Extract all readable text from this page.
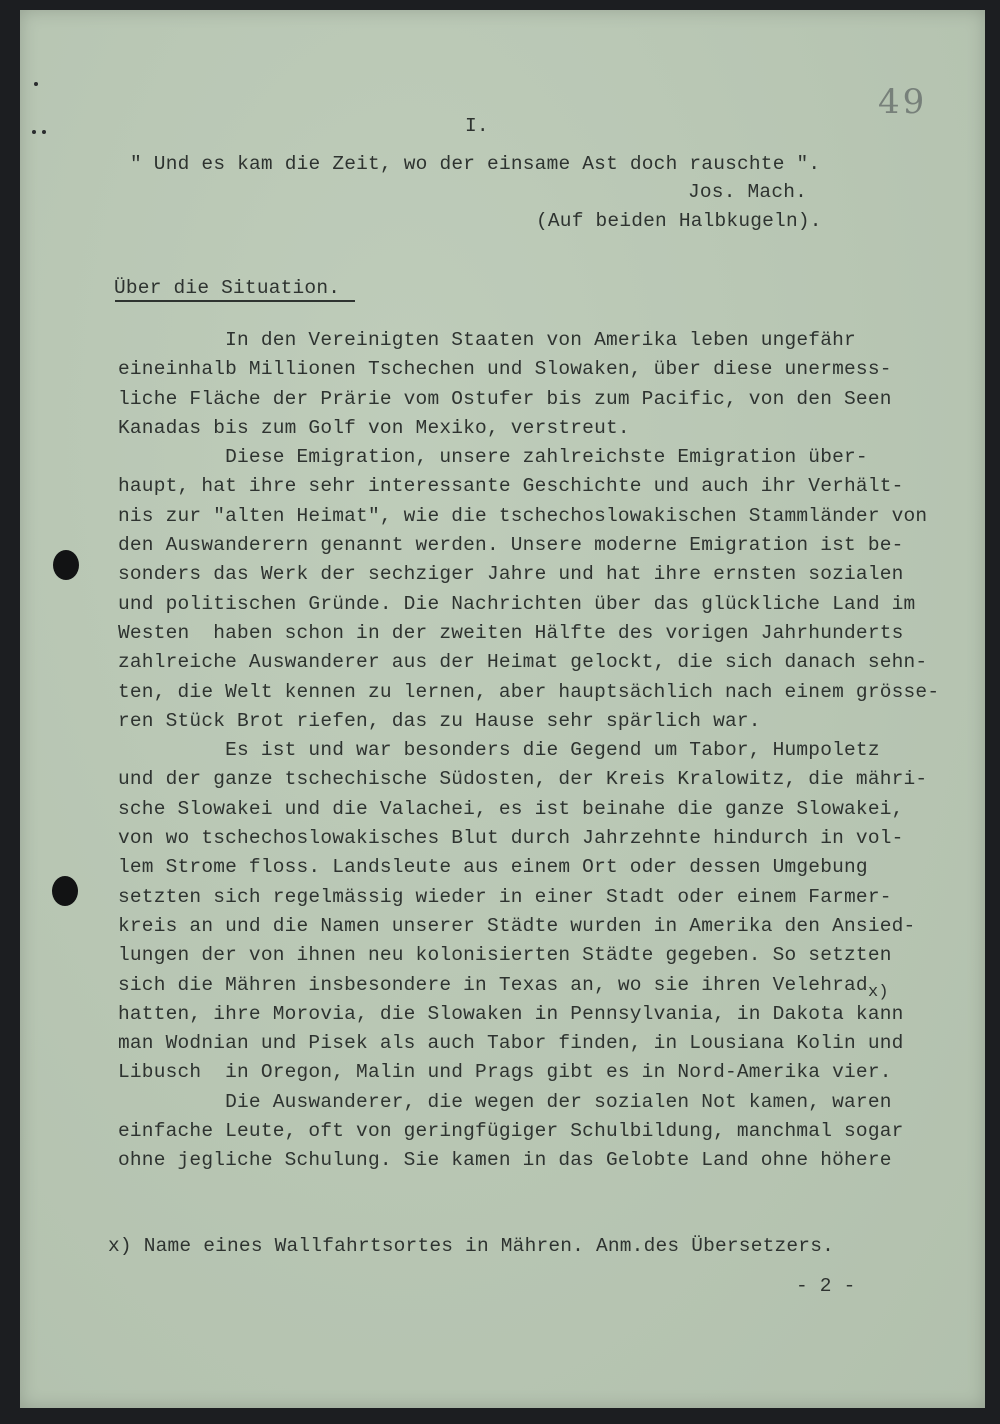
49
I.
" Und es kam die Zeit, wo der einsame Ast doch rauschte ".
Jos. Mach.
(Auf beiden Halbkugeln).
Über die Situation.
In den Vereinigten Staaten von Amerika leben ungefähr
eineinhalb Millionen Tschechen und Slowaken, über diese unermess-
liche Fläche der Prärie vom Ostufer bis zum Pacific, von den Seen
Kanadas bis zum Golf von Mexiko, verstreut.
Diese Emigration, unsere zahlreichste Emigration über-
haupt, hat ihre sehr interessante Geschichte und auch ihr Verhält-
nis zur "alten Heimat", wie die tschechoslowakischen Stammländer von
den Auswanderern genannt werden. Unsere moderne Emigration ist be-
sonders das Werk der sechziger Jahre und hat ihre ernsten sozialen
und politischen Gründe. Die Nachrichten über das glückliche Land im
Westen  haben schon in der zweiten Hälfte des vorigen Jahrhunderts
zahlreiche Auswanderer aus der Heimat gelockt, die sich danach sehn-
ten, die Welt kennen zu lernen, aber hauptsächlich nach einem grösse-
ren Stück Brot riefen, das zu Hause sehr spärlich war.
Es ist und war besonders die Gegend um Tabor, Humpoletz
und der ganze tschechische Südosten, der Kreis Kralowitz, die mähri-
sche Slowakei und die Valachei, es ist beinahe die ganze Slowakei,
von wo tschechoslowakisches Blut durch Jahrzehnte hindurch in vol-
lem Strome floss. Landsleute aus einem Ort oder dessen Umgebung
setzten sich regelmässig wieder in einer Stadt oder einem Farmer-
kreis an und die Namen unserer Städte wurden in Amerika den Ansied-
lungen der von ihnen neu kolonisierten Städte gegeben. So setzten
sich die Mähren insbesondere in Texas an, wo sie ihren Velehrad
hatten, ihre Morovia, die Slowaken in Pennsylvania, in Dakota kann
man Wodnian und Pisek als auch Tabor finden, in Lousiana Kolin und
Libusch  in Oregon, Malin und Prags gibt es in Nord-Amerika vier.
Die Auswanderer, die wegen der sozialen Not kamen, waren
einfache Leute, oft von geringfügiger Schulbildung, manchmal sogar
ohne jegliche Schulung. Sie kamen in das Gelobte Land ohne höhere
x)
x) Name eines Wallfahrtsortes in Mähren. Anm.des Übersetzers.
- 2 -
